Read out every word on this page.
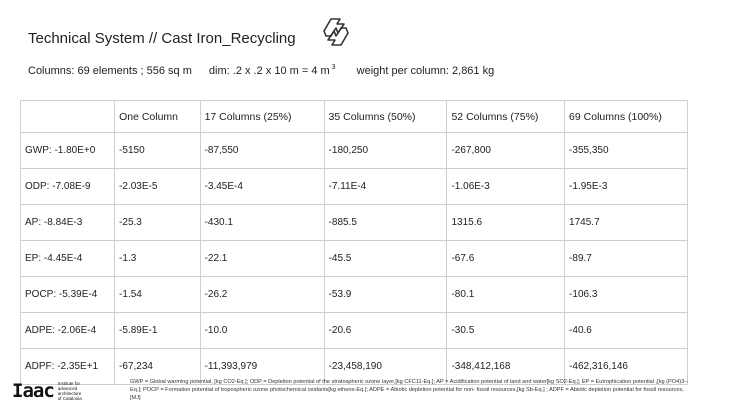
Technical System // Cast Iron_Recycling
Columns: 69 elements ; 556 sq m dim: .2 x .2 x 10 m = 4 m $^3$ weight per column: 2,861 kg
	One Column	17 Columns (25%)	35 Columns (50%)	52 Columns (75%)	69 Columns (100%)
GWP: -1.80E+0	-5150	-87,550	-180,250	-267,800	-355,350
ODP: -7.08E-9	-2.03E-5	-3.45E-4	-7.11E-4	-1.06E-3	-1.95E-3
AP: -8.84E-3	-25.3	-430.1	-885.5	1315.6	1745.7
EP: -4.45E-4	-1.3	-22.1	-45.5	-67.6	-89.7
POCP: -5.39E-4	-1.54	-26.2	-53.9	-80.1	-106.3
ADPE: -2.06E-4	-5.89E-1	-10.0	-20.6	-30.5	-40.6
ADPF: -2.35E+1	-67,234	-11,393,979	-23,458,190	-348,412,168	-462,316,146
Iaac Institute for
advanced
architecture
of Catalonia
GWP = Global warming potential, [kg CO2-Eq.]; ODP = Depletion potential of the stratospheric ozone layer,[kg CFC11-Eq.]; AP = Acidification potential of land and water[kg SO2-Eq.]; EP = Eutrophication potential ,[kg (PO4)3--Eq.]; POCP = Formation potential of tropospheric ozone photochemical oxidants[kg ethene-Eq.]; ADPE = Abiotic depletion potential for non- fossil resources,[kg Sb-Eq.] ; ADPF = Abiotic depletion potential for fossil resources,[MJ]
